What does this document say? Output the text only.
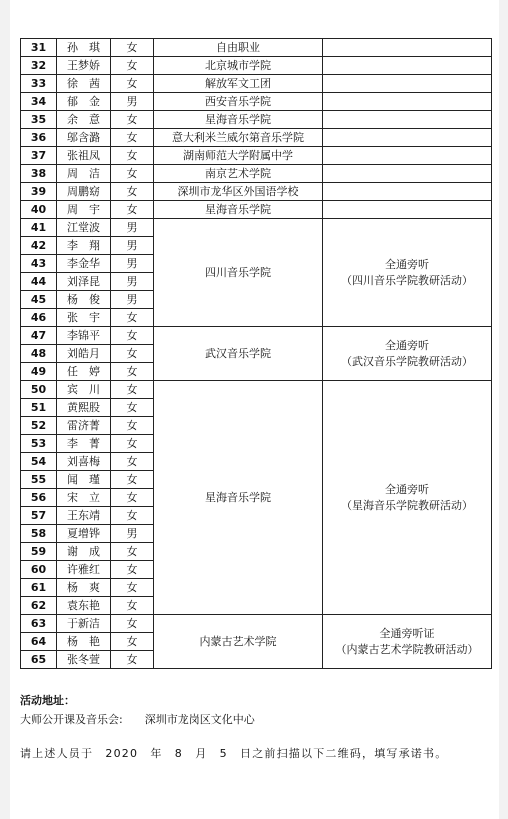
31	孙　琪	女	自由职业	
32	王梦娇	女	北京城市学院	
33	徐　茜	女	解放军文工团	
34	郁　金	男	西安音乐学院	
35	余　意	女	星海音乐学院	
36	邬含潞	女	意大利米兰威尔第音乐学院	
37	张祖凤	女	湖南师范大学附属中学	
38	周　洁	女	南京艺术学院	
39	周鹏窈	女	深圳市龙华区外国语学校	
40	周　宇	女	星海音乐学院	
41	江堂波	男	四川音乐学院	全通旁听
（四川音乐学院教研活动）
42	李　翔	男		
43	李金华	男		
44	刘泽昆	男		
45	杨　俊	男		
46	张　宇	女		
47	李锦平	女	武汉音乐学院	全通旁听
（武汉音乐学院教研活动）
48	刘皓月	女		
49	任　婷	女		
50	宾　川	女	星海音乐学院	全通旁听
（星海音乐学院教研活动）
51	黄熙股	女		
52	雷济菁	女		
53	李　菁	女		
54	刘喜梅	女		
55	闻　瑾	女		
56	宋　立	女		
57	王东靖	女		
58	夏增铧	男		
59	谢　成	女		
60	许雅红	女		
61	杨　爽	女		
62	袁东艳	女		
63	于新洁	女	内蒙古艺术学院	全通旁听证
（内蒙古艺术学院教研活动）
64	杨　艳	女		
65	张冬萱	女		
活动地址：
大师公开课及音乐会: 深圳市龙岗区文化中心
请上述人员于　2020　年　8　月　5　日之前扫描以下二维码，填写承诺书。
